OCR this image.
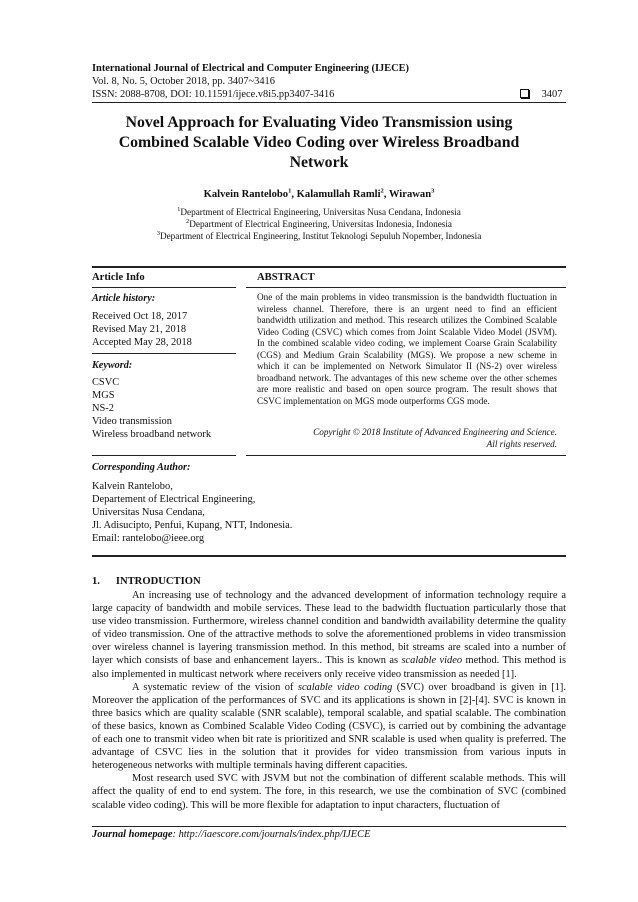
International Journal of Electrical and Computer Engineering (IJECE)
Vol. 8, No. 5, October 2018, pp. 3407~3416
ISSN: 2088-8708, DOI: 10.11591/ijece.v8i5.pp3407-3416	3407
Novel Approach for Evaluating Video Transmission using
Combined Scalable Video Coding over Wireless Broadband
Network
Kalvein Rantelobo$^1$, Kalamullah Ramli$^2$, Wirawan$^3$
$^1$Department of Electrical Engineering, Universitas Nusa Cendana, Indonesia
$^2$Department of Electrical Engineering, Universitas Indonesia, Indonesia
$^3$Department of Electrical Engineering, Institut Teknologi Sepuluh Nopember, Indonesia
Article Info
Article history:
Received Oct 18, 2017
Revised May 21, 2018
Accepted May 28, 2018
Keyword:
CSVC
MGS
NS-2
Video transmission
Wireless broadband network
ABSTRACT
One of the main problems in video transmission is the bandwidth fluctuation in wireless channel. Therefore, there is an urgent need to find an efficient bandwidth utilization and method. This research utilizes the Combined Scalable Video Coding (CSVC) which comes from Joint Scalable Video Model (JSVM). In the combined scalable video coding, we implement Coarse Grain Scalability (CGS) and Medium Grain Scalability (MGS). We propose a new scheme in which it can be implemented on Network Simulator II (NS-2) over wireless broadband network. The advantages of this new scheme over the other schemes are more realistic and based on open source program. The result shows that CSVC implementation on MGS mode outperforms CGS mode.
Copyright © 2018 Institute of Advanced Engineering and Science.
All rights reserved.
Corresponding Author:
Kalvein Rantelobo,
Departement of Electrical Engineering,
Universitas Nusa Cendana,
Jl. Adisucipto, Penfui, Kupang, NTT, Indonesia.
Email: rantelobo@ieee.org
1.      INTRODUCTION

An increasing use of technology and the advanced development of information technology require a large capacity of bandwidth and mobile services. These lead to the badwidth fluctuation particularly those that use video transmission. Furthermore, wireless channel condition and bandwidth availability determine the quality of video transmission. One of the attractive methods to solve the aforementioned problems in video transmission over wireless channel is layering transmission method. In this method, bit streams are scaled into a number of layer which consists of base and enhancement layers.. This is known as scalable video method. This method is also implemented in multicast network where receivers only receive video transmission as needed [1].

A systematic review of the vision of scalable video coding (SVC) over broadband is given in [1]. Moreover the application of the performances of SVC and its applications is shown in [2]-[4]. SVC is known in three basics which are quality scalable (SNR scalable), temporal scalable, and spatial scalable. The combination of these basics, known as Combined Scalable Video Coding (CSVC), is carried out by combining the advantage of each one to transmit video when bit rate is prioritized and SNR scalable is used when quality is preferred. The advantage of CSVC lies in the solution that it provides for video transmission from various inputs in heterogeneous networks with multiple terminals having different capacities.

Most research used SVC with JSVM but not the combination of different scalable methods. This will affect the quality of end to end system. The fore, in this research, we use the combination of SVC (combined scalable video coding). This will be more flexible for adaptation to input characters, fluctuation of

Journal homepage: http://iaescore.com/journals/index.php/IJECE
